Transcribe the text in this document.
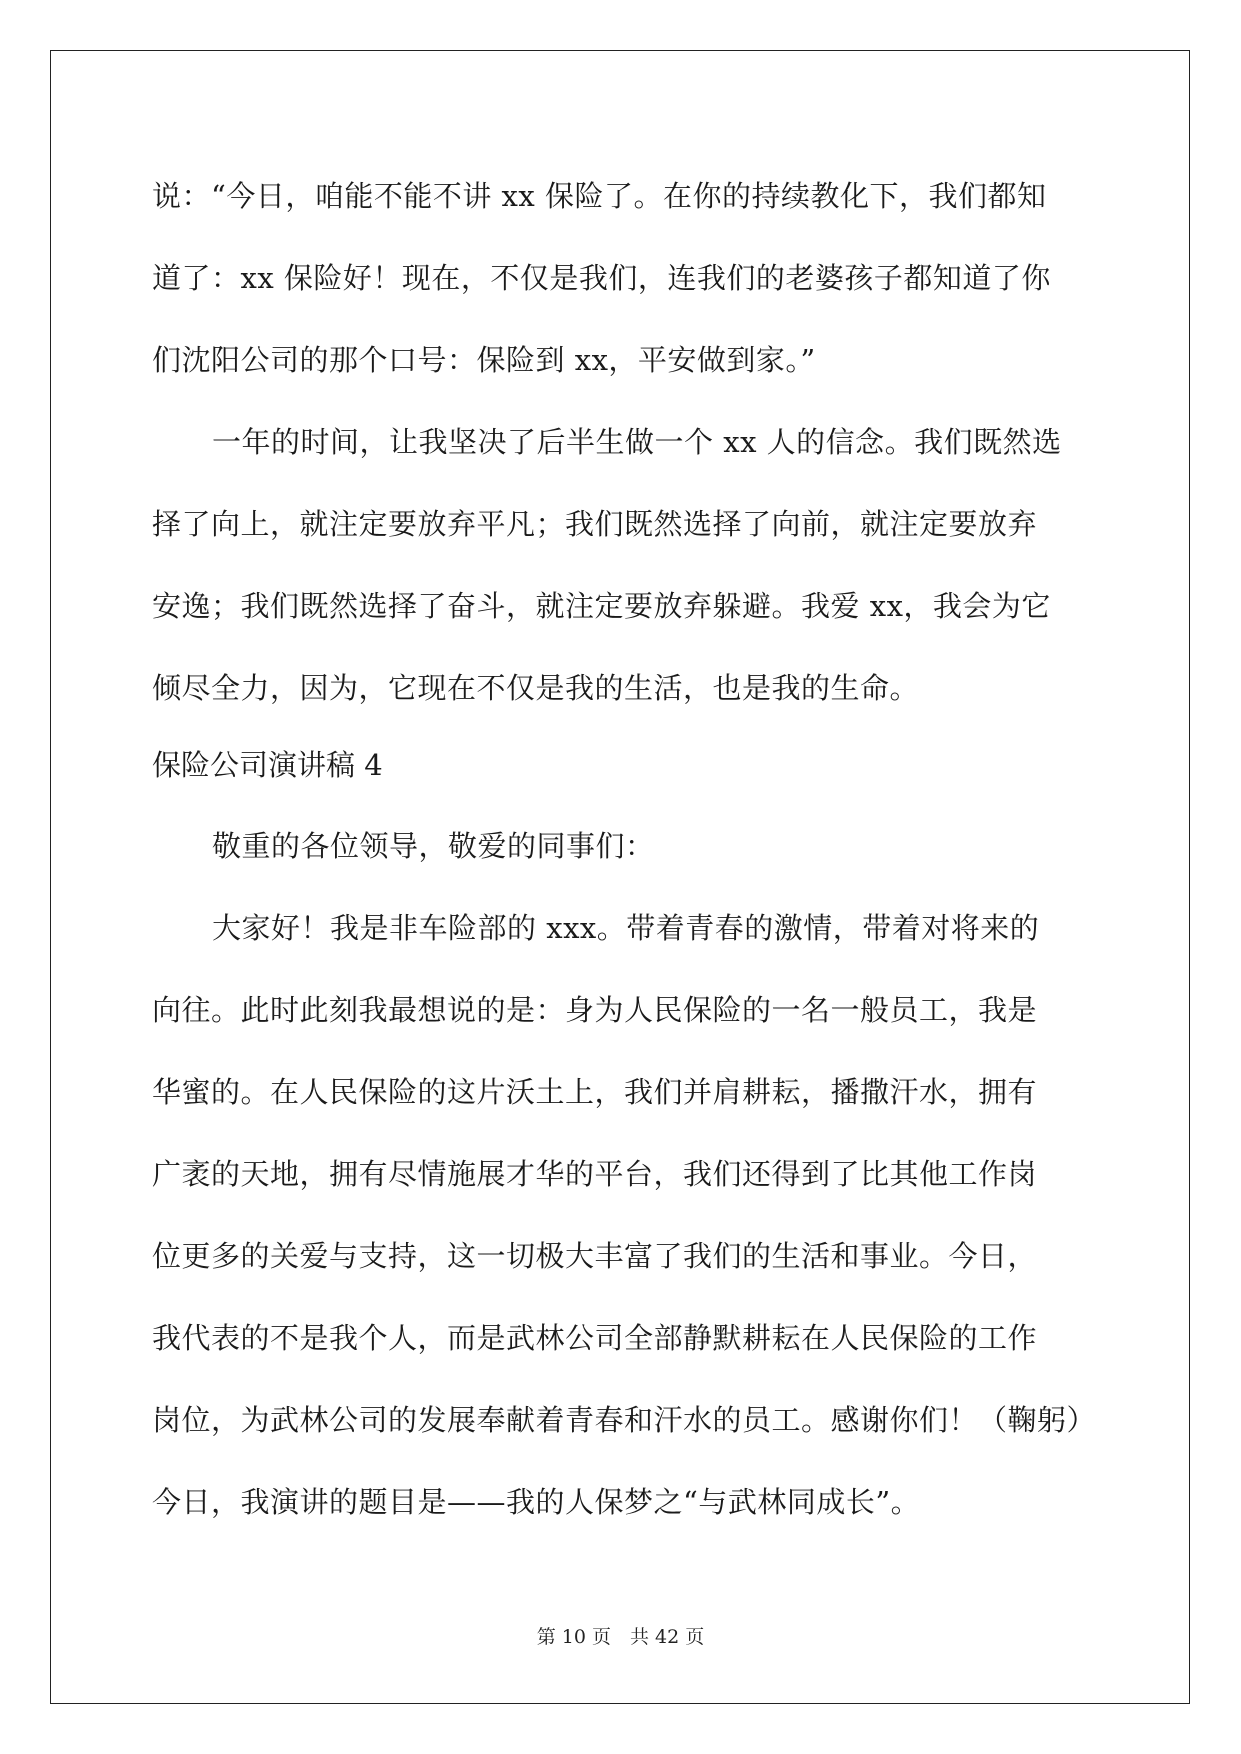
说：“今日，咱能不能不讲 xx 保险了。在你的持续教化下，我们都知
道了：xx 保险好！现在，不仅是我们，连我们的老婆孩子都知道了你
们沈阳公司的那个口号：保险到 xx，平安做到家。”
一年的时间，让我坚决了后半生做一个 xx 人的信念。我们既然选
择了向上，就注定要放弃平凡；我们既然选择了向前，就注定要放弃
安逸；我们既然选择了奋斗，就注定要放弃躲避。我爱 xx，我会为它
倾尽全力，因为，它现在不仅是我的生活，也是我的生命。
保险公司演讲稿 4
敬重的各位领导，敬爱的同事们：
大家好！我是非车险部的 xxx。带着青春的激情，带着对将来的
向往。此时此刻我最想说的是：身为人民保险的一名一般员工，我是
华蜜的。在人民保险的这片沃土上，我们并肩耕耘，播撒汗水，拥有
广袤的天地，拥有尽情施展才华的平台，我们还得到了比其他工作岗
位更多的关爱与支持，这一切极大丰富了我们的生活和事业。今日，
我代表的不是我个人，而是武林公司全部静默耕耘在人民保险的工作
岗位，为武林公司的发展奉献着青春和汗水的员工。感谢你们！（鞠躬）
今日，我演讲的题目是——我的人保梦之“与武林同成长”。
第 10 页　共 42 页
